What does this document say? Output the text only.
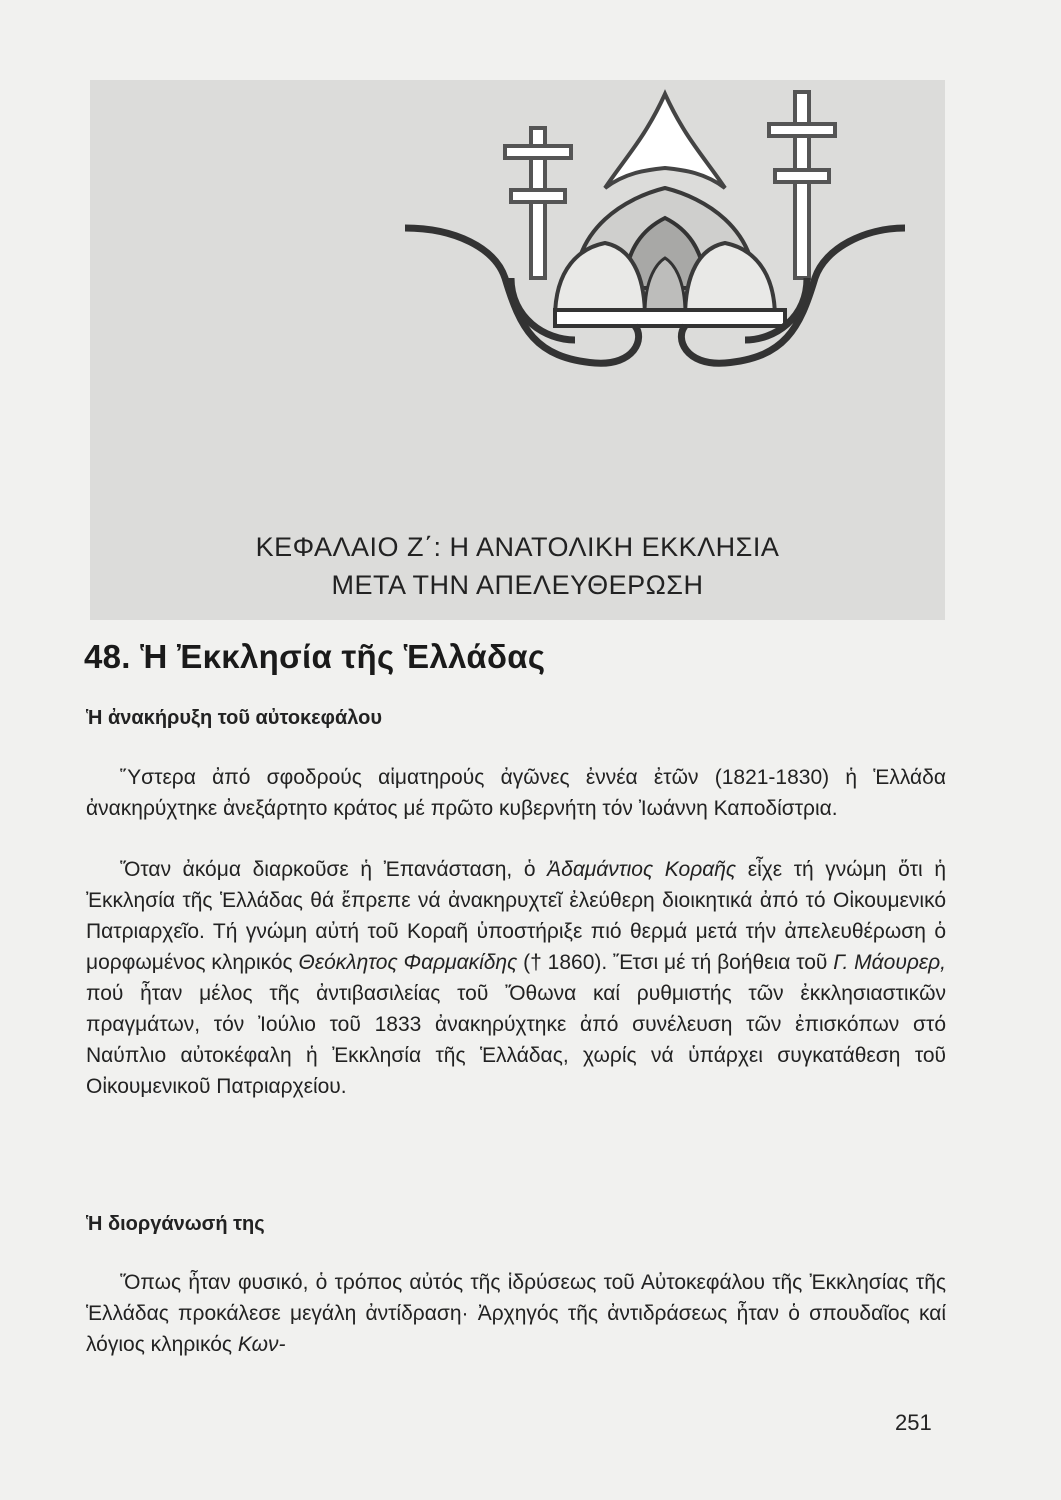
ΚΕΦΑΛΑΙΟ Ζ΄: Η ΑΝΑΤΟΛΙΚΗ ΕΚΚΛΗΣΙΑ
ΜΕΤΑ ΤΗΝ ΑΠΕΛΕΥΘΕΡΩΣΗ
48. Ἡ Ἐκκλησία τῆς Ἑλλάδας
Ἡ ἀνακήρυξη τοῦ αὐτοκεφάλου

Ὕστερα ἀπό σφοδρούς αἱματηρούς ἀγῶνες ἐννέα ἐτῶν (1821-1830) ἡ Ἑλλάδα ἀνακηρύχτηκε ἀνεξάρτητο κράτος μέ πρῶτο κυβερνήτη τόν Ἰωάννη Καποδίστρια.

Ὅταν ἀκόμα διαρκοῦσε ἡ Ἐπανάσταση, ὁ Ἀδαμάντιος Κοραῆς εἶχε τή γνώμη ὅτι ἡ Ἐκκλησία τῆς Ἑλλάδας θά ἔπρεπε νά ἀνακηρυχτεῖ ἐλεύθερη διοικητικά ἀπό τό Οἰκουμενικό Πατριαρχεῖο. Τή γνώμη αὐτή τοῦ Κοραῆ ὑποστήριξε πιό θερμά μετά τήν ἀπελευθέρωση ὁ μορφωμένος κληρικός Θεόκλητος Φαρμακίδης († 1860). Ἔτσι μέ τή βοήθεια τοῦ Γ. Μάουρερ, πού ἦταν μέλος τῆς ἀντιβασιλείας τοῦ Ὄθωνα καί ρυθμιστής τῶν ἐκκλησιαστικῶν πραγμάτων, τόν Ἰούλιο τοῦ 1833 ἀνακηρύχτηκε ἀπό συνέλευση τῶν ἐπισκόπων στό Ναύπλιο αὐτοκέφαλη ἡ Ἐκκλησία τῆς Ἑλλάδας, χωρίς νά ὑπάρχει συγκατάθεση τοῦ Οἰκουμενικοῦ Πατριαρχείου.

Ἡ διοργάνωσή της

Ὅπως ἦταν φυσικό, ὁ τρόπος αὐτός τῆς ἱδρύσεως τοῦ Αὐτοκεφάλου τῆς Ἐκκλησίας τῆς Ἑλλάδας προκάλεσε μεγάλη ἀντίδραση· Ἀρχηγός τῆς ἀντιδράσεως ἦταν ὁ σπουδαῖος καί λόγιος κληρικός Κων-

251
